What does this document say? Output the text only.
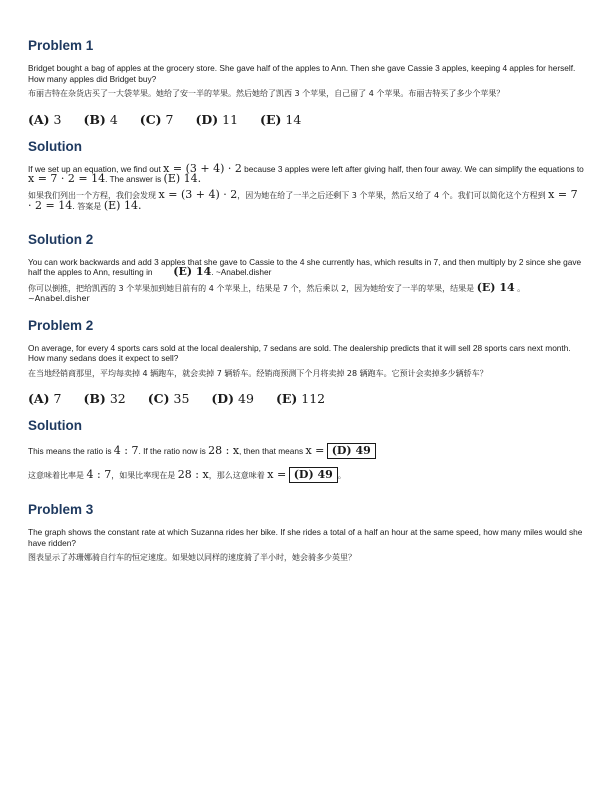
Problem 1

Bridget bought a bag of apples at the grocery store. She gave half of the apples to Ann. Then she gave Cassie 3 apples, keeping 4 apples for herself. How many apples did Bridget buy?

布丽吉特在杂货店买了一大袋苹果。她给了安一半的苹果。然后她给了凯西 3 个苹果，自己留了 4 个苹果。布丽吉特买了多少个苹果？

(A) 3 (B) 4 (C) 7 (D) 11 (E) 14
Solution

If we set up an equation, we find out x = (3 + 4) · 2 because 3 apples were left after giving half, then four away. We can simplify the equations to x = 7 · 2 = 14. The answer is (E) 14.

如果我们列出一个方程，我们会发现 x = (3 + 4) · 2，因为她在给了一半之后还剩下 3 个苹果，然后又给了 4 个。我们可以简化这个方程到 x = 7 · 2 = 14. 答案是 (E) 14.

Solution 2

You can work backwards and add 3 apples that she gave to Cassie to the 4 she currently has, which results in 7, and then multiply by 2 since she gave half the apples to Ann, resulting in         (E) 14. ~Anabel.disher

你可以倒推，把给凯西的 3 个苹果加到她目前有的 4 个苹果上，结果是 7 个，然后乘以 2，因为她给安了一半的苹果，结果是 (E) 14 。 ~Anabel.disher

Problem 2

On average, for every 4 sports cars sold at the local dealership, 7 sedans are sold. The dealership predicts that it will sell 28 sports cars next month. How many sedans does it expect to sell?

在当地经销商那里，平均每卖掉 4 辆跑车，就会卖掉 7 辆轿车。经销商预测下个月将卖掉 28 辆跑车。它预计会卖掉多少辆轿车？

(A) 7 (B) 32 (C) 35 (D) 49 (E) 112
Solution

This means the ratio is 4 : 7. If the ratio now is 28 : x, then that means x = (D) 49

这意味着比率是 4 : 7，如果比率现在是 28 : x，那么这意味着 x = (D) 49 。

Problem 3

The graph shows the constant rate at which Suzanna rides her bike. If she rides a total of a half an hour at the same speed, how many miles would she have ridden?

图表显示了苏珊娜骑自行车的恒定速度。如果她以同样的速度骑了半小时，她会骑多少英里？
